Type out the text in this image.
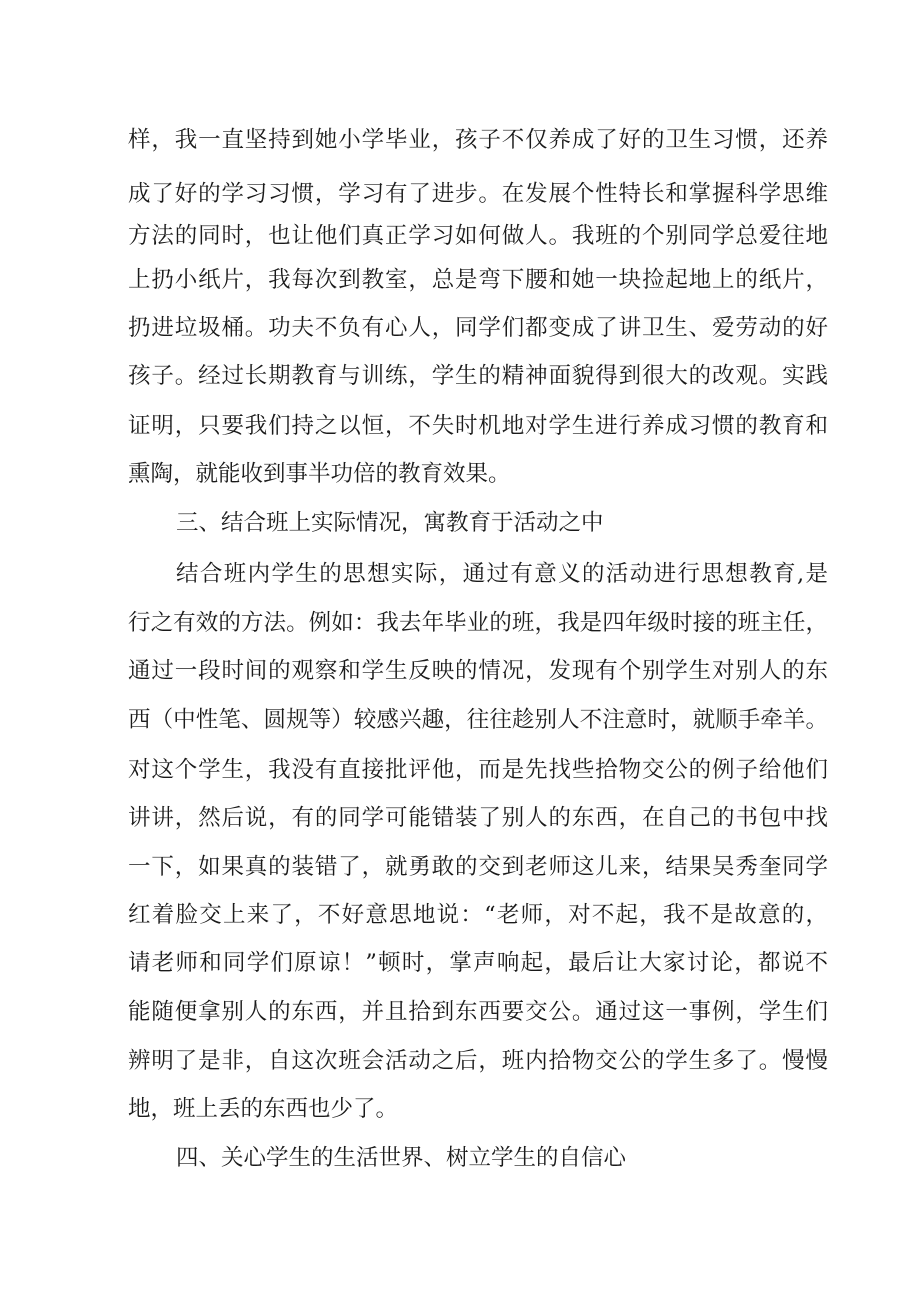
样，我一直坚持到她小学毕业，孩子不仅养成了好的卫生习惯，还养
成了好的学习习惯，学习有了进步。在发展个性特长和掌握科学思维
方法的同时，也让他们真正学习如何做人。我班的个别同学总爱往地
上扔小纸片，我每次到教室，总是弯下腰和她一块捡起地上的纸片，
扔进垃圾桶。功夫不负有心人，同学们都变成了讲卫生、爱劳动的好
孩子。经过长期教育与训练，学生的精神面貌得到很大的改观。实践
证明，只要我们持之以恒，不失时机地对学生进行养成习惯的教育和
熏陶，就能收到事半功倍的教育效果。
三、结合班上实际情况，寓教育于活动之中
结合班内学生的思想实际，通过有意义的活动进行思想教育,是
行之有效的方法。例如：我去年毕业的班，我是四年级时接的班主任，
通过一段时间的观察和学生反映的情况，发现有个别学生对别人的东
西（中性笔、圆规等）较感兴趣，往往趁别人不注意时，就顺手牵羊。
对这个学生，我没有直接批评他，而是先找些拾物交公的例子给他们
讲讲，然后说，有的同学可能错装了别人的东西，在自己的书包中找
一下，如果真的装错了，就勇敢的交到老师这儿来，结果吴秀奎同学
红着脸交上来了，不好意思地说：“老师，对不起，我不是故意的，
请老师和同学们原谅！”顿时，掌声响起，最后让大家讨论，都说不
能随便拿别人的东西，并且拾到东西要交公。通过这一事例，学生们
辨明了是非，自这次班会活动之后，班内拾物交公的学生多了。慢慢
地，班上丢的东西也少了。
四、关心学生的生活世界、树立学生的自信心
